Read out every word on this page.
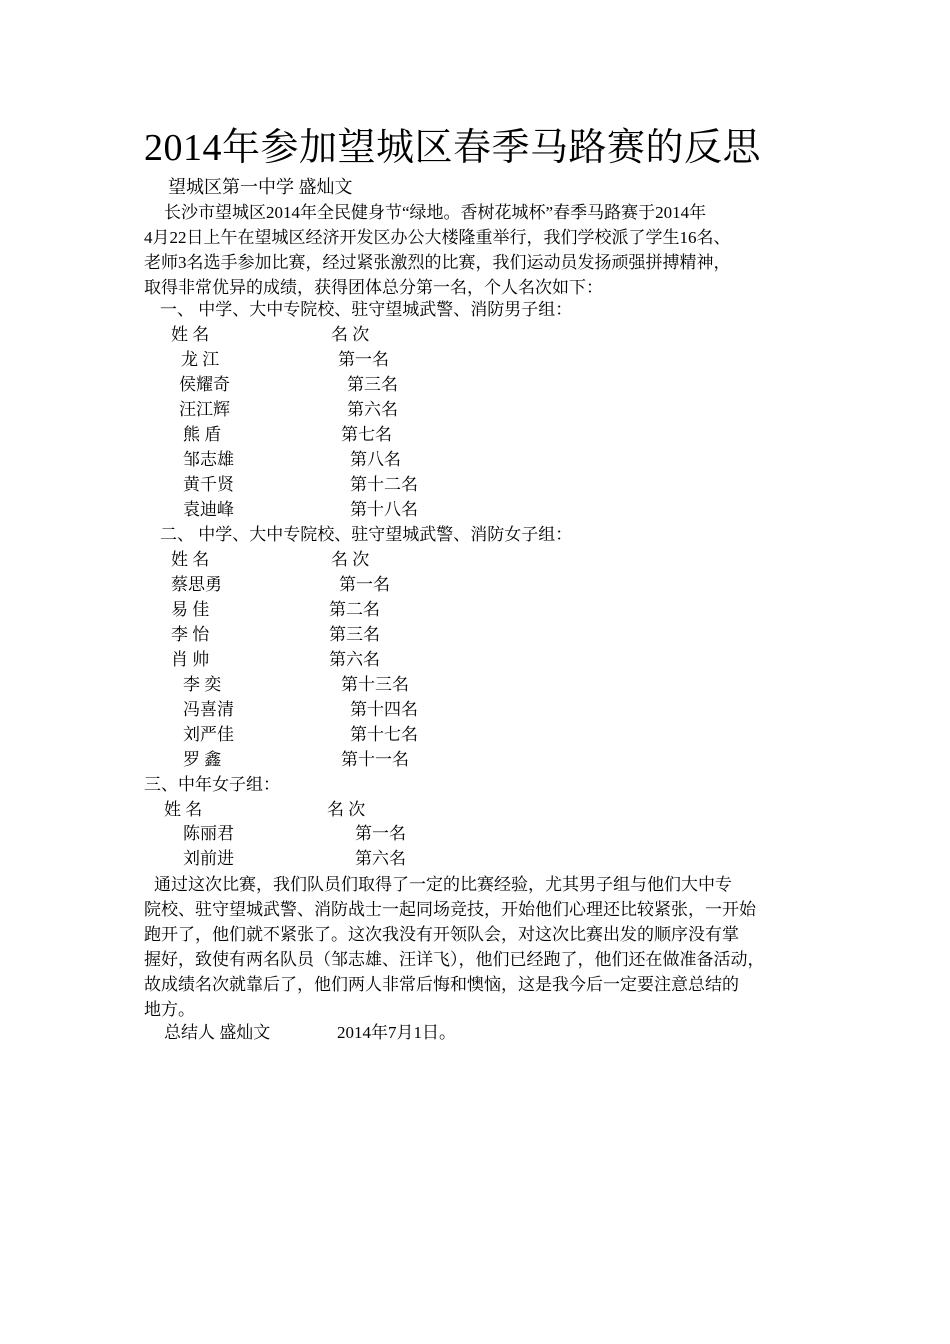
2014年参加望城区春季马路赛的反思
望城区第一中学 盛灿文

长沙市望城区2014年全民健身节“绿地。香树花城杯”春季马路赛于2014年

4月22日上午在望城区经济开发区办公大楼隆重举行，我们学校派了学生16名、

老师3名选手参加比赛，经过紧张激烈的比赛，我们运动员发扬顽强拼搏精神，

取得非常优异的成绩，获得团体总分第一名，个人名次如下：

一、 中学、大中专院校、驻守望城武警、消防男子组：
姓 名	名 次
龙 江	第一名
侯耀奇	第三名
汪江辉	第六名
熊 盾	第七名
邹志雄	第八名
黄千贤	第十二名
袁迪峰	第十八名
二、 中学、大中专院校、驻守望城武警、消防女子组：
姓 名	名 次
蔡思勇	第一名
易 佳	第二名
李 怡	第三名
肖 帅	第六名
李 奕	第十三名
冯喜清	第十四名
刘严佳	第十七名
罗 鑫	第十一名
三、中年女子组：
姓 名	名 次
陈丽君	第一名
刘前进	第六名

通过这次比赛，我们队员们取得了一定的比赛经验，尤其男子组与他们大中专

院校、驻守望城武警、消防战士一起同场竞技，开始他们心理还比较紧张，一开始

跑开了，他们就不紧张了。这次我没有开领队会，对这次比赛出发的顺序没有掌

握好，致使有两名队员（邹志雄、汪详飞），他们已经跑了，他们还在做准备活动，

故成绩名次就靠后了，他们两人非常后悔和懊恼，这是我今后一定要注意总结的

地方。

总结人 盛灿文	2014年7月1日。
